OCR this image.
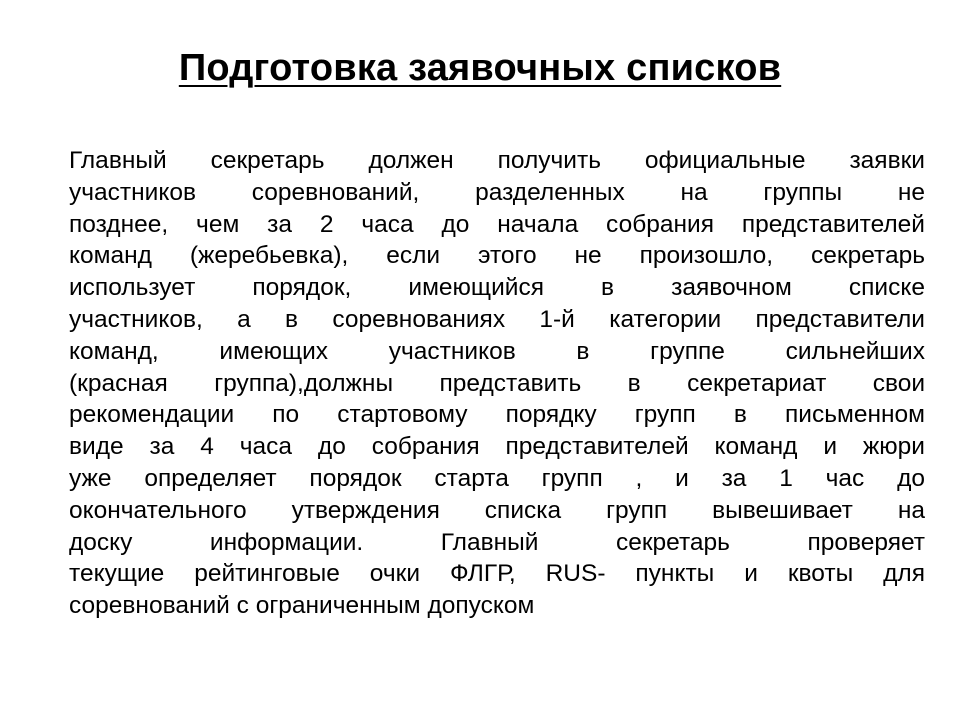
Подготовка заявочных списков
Главный секретарь должен получить официальные заявки
участников соревнований, разделенных на группы не
позднее, чем за 2 часа до начала собрания представителей
команд (жеребьевка), если этого не произошло, секретарь
использует порядок, имеющийся в заявочном списке
участников, а в соревнованиях 1-й категории представители
команд, имеющих участников в группе сильнейших
(красная группа),должны представить в секретариат свои
рекомендации по стартовому порядку групп в письменном
виде за 4 часа до собрания представителей команд и жюри
уже определяет порядок старта групп , и за 1 час до
окончательного утверждения списка групп вывешивает на
доску информации. Главный секретарь проверяет
текущие рейтинговые очки ФЛГР, RUS- пункты и квоты для
соревнований с ограниченным допуском
